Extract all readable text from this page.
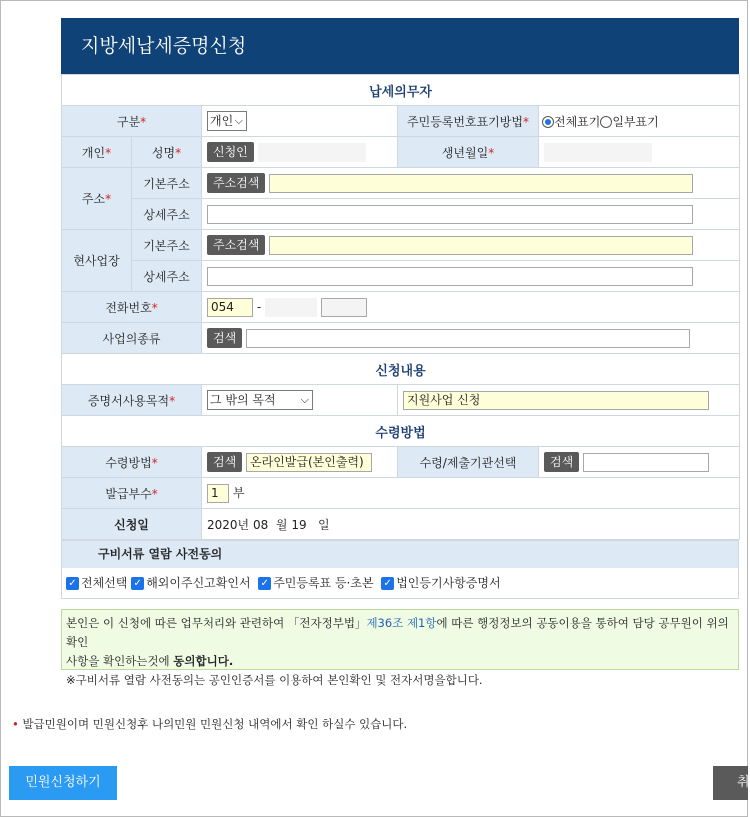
지방세납세증명신청
납세의무자				
구분*		개인 ⌵	주민등록번호표기방법*	전체표기 일부표기
개인*	성명*	신청인	생년월일*	
주소*	기본주소	주소검색		
	상세주소			
현사업장	기본주소	주소검색		
	상세주소			
전화번호*		054 -		
사업의종류		검색		
신청내용				
증명서사용목적*		그 밖의 목적 ⌵	지원사업 신청	
수령방법				
수령방법*		검색 온라인발급(본인출력)	수령/제출기관선택	검색
발급부수*		1 부		
신청일		2020년 08 월 19 일		
구비서류 열람 사전동의
✓ 전체선택 ✓ 해외이주신고확인서 ✓ 주민등록표 등·초본 ✓ 법인등기사항증명서
본인은 이 신청에 따른 업무처리와 관련하여 「전자정부법」제36조 제1항에 따른 행정정보의 공동이용을 통하여 담당 공무원이 위의 확인
사항을 확인하는것에 동의합니다.
※구비서류 열람 사전동의는 공인인증서를 이용하여 본인확인 및 전자서명을합니다.
• 발급민원이며 민원신청후 나의민원 민원신청 내역에서 확인 하실수 있습니다.
민원신청하기	취
